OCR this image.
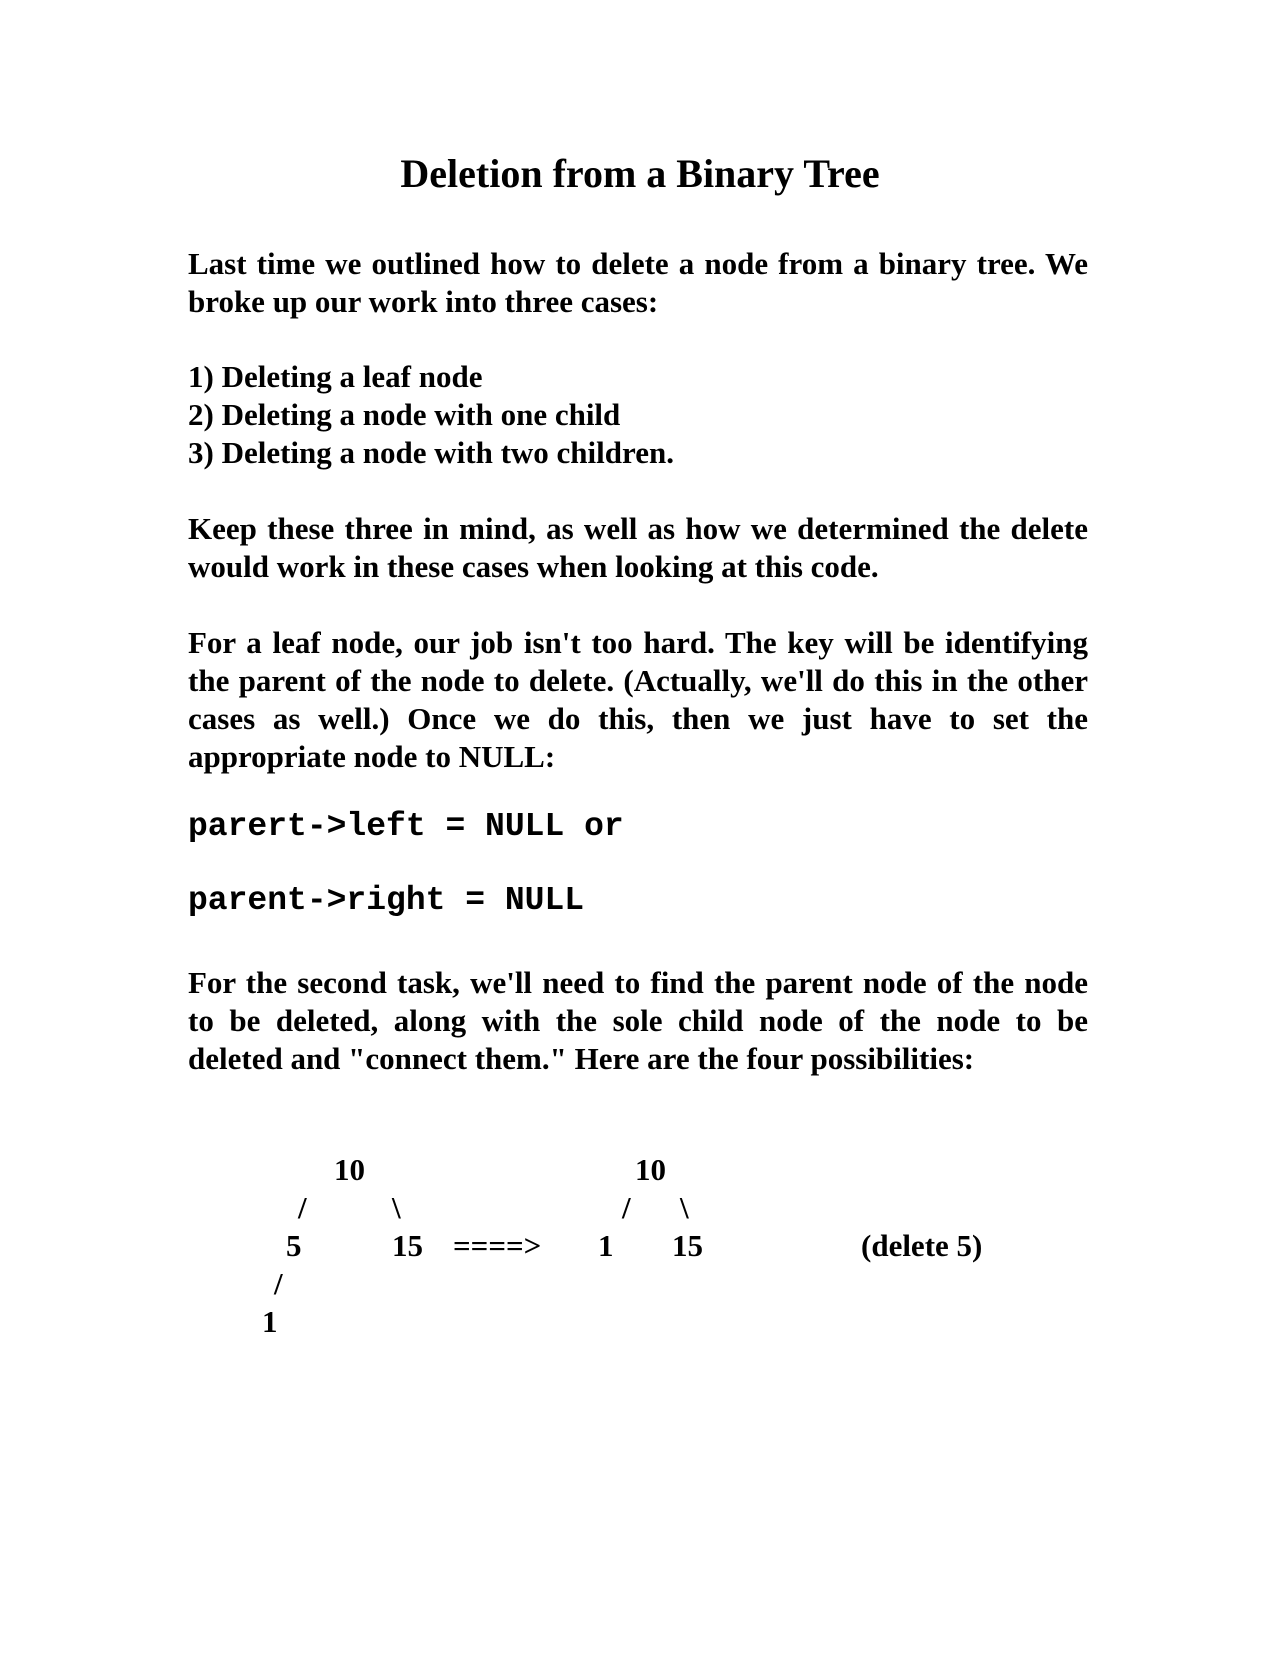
Deletion from a Binary Tree

Last time we outlined how to delete a node from a binary tree. We broke up our work into three cases:

1) Deleting a leaf node

2) Deleting a node with one child

3) Deleting a node with two children.

Keep these three in mind, as well as how we determined the delete would work in these cases when looking at this code.

For a leaf node, our job isn't too hard. The key will be identifying the parent of the node to delete. (Actually, we'll do this in the other cases as well.) Once we do this, then we just have to set the appropriate node to NULL:

parert->left = NULL or

parent->right = NULL

For the second task, we'll need to find the parent node of the node to be deleted, along with the sole child node of the node to be deleted and "connect them." Here are the four possibilities:

10
/	\
5	15
/
1
====>
10
/ \
1 15	(delete 5)
